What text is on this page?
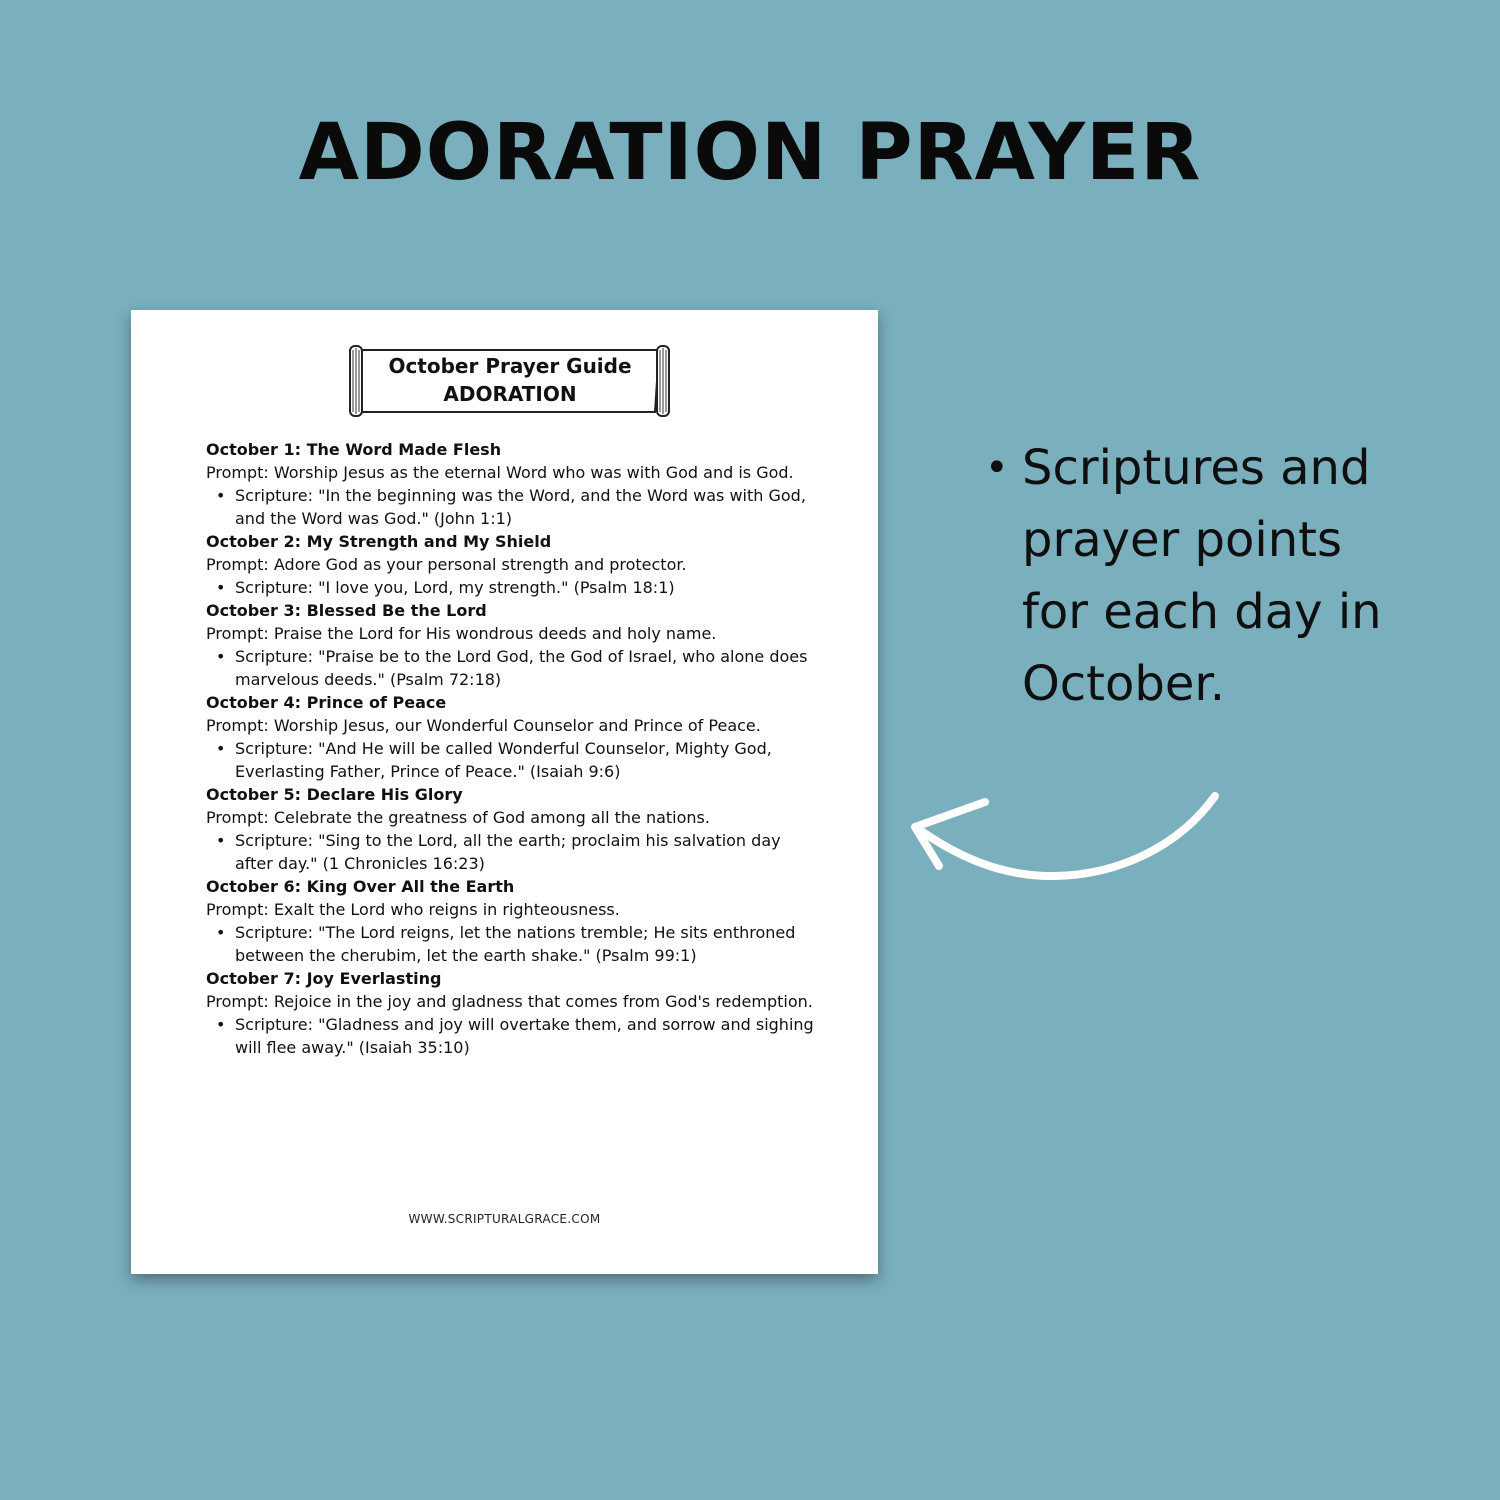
ADORATION PRAYER
October Prayer Guide
ADORATION
October 1: The Word Made Flesh
Prompt: Worship Jesus as the eternal Word who was with God and is God.
• Scripture: "In the beginning was the Word, and the Word was with God, and the Word was God." (John 1:1)
October 2: My Strength and My Shield
Prompt: Adore God as your personal strength and protector.
• Scripture: "I love you, Lord, my strength." (Psalm 18:1)
October 3: Blessed Be the Lord
Prompt: Praise the Lord for His wondrous deeds and holy name.
• Scripture: "Praise be to the Lord God, the God of Israel, who alone does marvelous deeds." (Psalm 72:18)
October 4: Prince of Peace
Prompt: Worship Jesus, our Wonderful Counselor and Prince of Peace.
• Scripture: "And He will be called Wonderful Counselor, Mighty God, Everlasting Father, Prince of Peace." (Isaiah 9:6)
October 5: Declare His Glory
Prompt: Celebrate the greatness of God among all the nations.
• Scripture: "Sing to the Lord, all the earth; proclaim his salvation day after day." (1 Chronicles 16:23)
October 6: King Over All the Earth
Prompt: Exalt the Lord who reigns in righteousness.
• Scripture: "The Lord reigns, let the nations tremble; He sits enthroned between the cherubim, let the earth shake." (Psalm 99:1)
October 7: Joy Everlasting
Prompt: Rejoice in the joy and gladness that comes from God's redemption.
• Scripture: "Gladness and joy will overtake them, and sorrow and sighing will flee away." (Isaiah 35:10)
WWW.SCRIPTURALGRACE.COM
• Scriptures and prayer points for each day in October.
